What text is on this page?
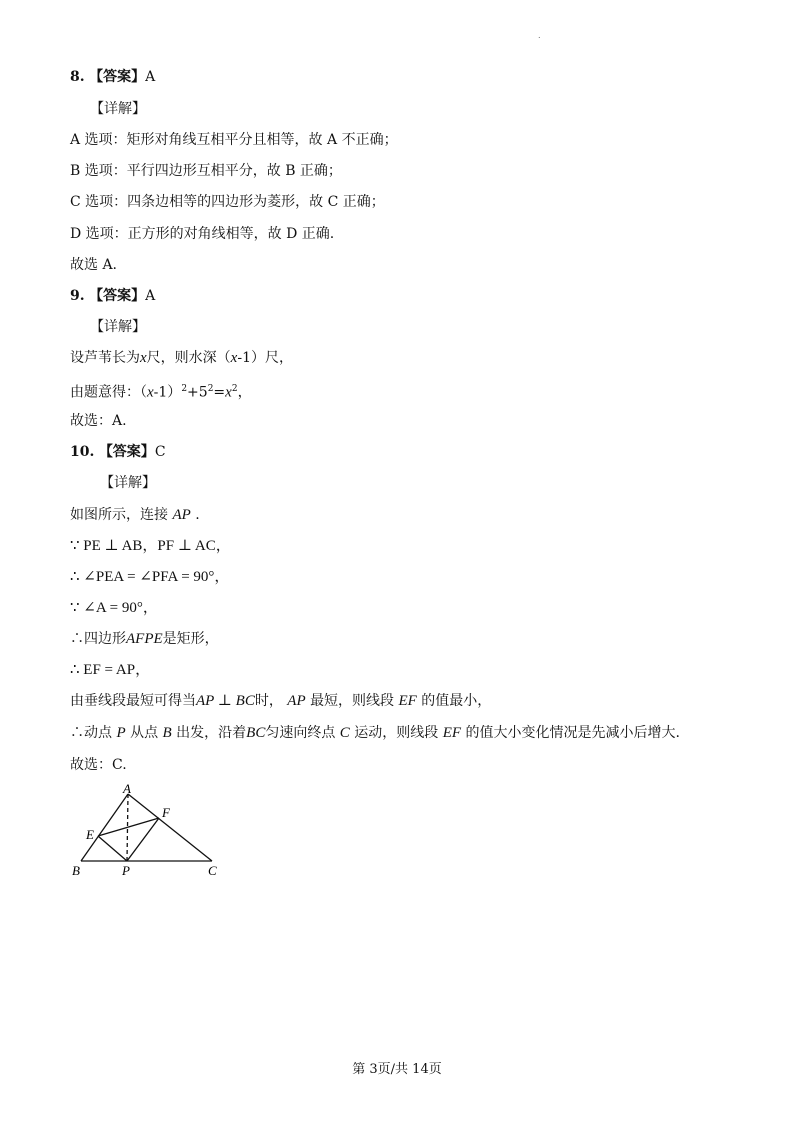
.
8. 【答案】A
【详解】
A 选项：矩形对角线互相平分且相等，故 A 不正确；
B 选项：平行四边形互相平分，故 B 正确；
C 选项：四条边相等的四边形为菱形，故 C 正确；
D 选项：正方形的对角线相等，故 D 正确.
故选 A.
9. 【答案】A
【详解】
设芦苇长为x尺，则水深（x-1）尺，
由题意得：$(x-1)^2+5^2=x^2$，
故选：A.
10. 【答案】C
【详解】
如图所示，连接 AP .
∵ PE ⊥ AB，PF ⊥ AC，
∴ ∠PEA = ∠PFA = 90°，
∵ ∠A = 90°，
∴四边形AFPE是矩形，
∴ EF = AP，
由垂线段最短可得当AP ⊥ BC时， AP 最短，则线段 EF 的值最小，
∴动点 P 从点 B 出发，沿着BC匀速向终点 C 运动，则线段 EF 的值大小变化情况是先减小后增大.
故选：C.
A
F
E
B	P	C
第 3页/共 14页
